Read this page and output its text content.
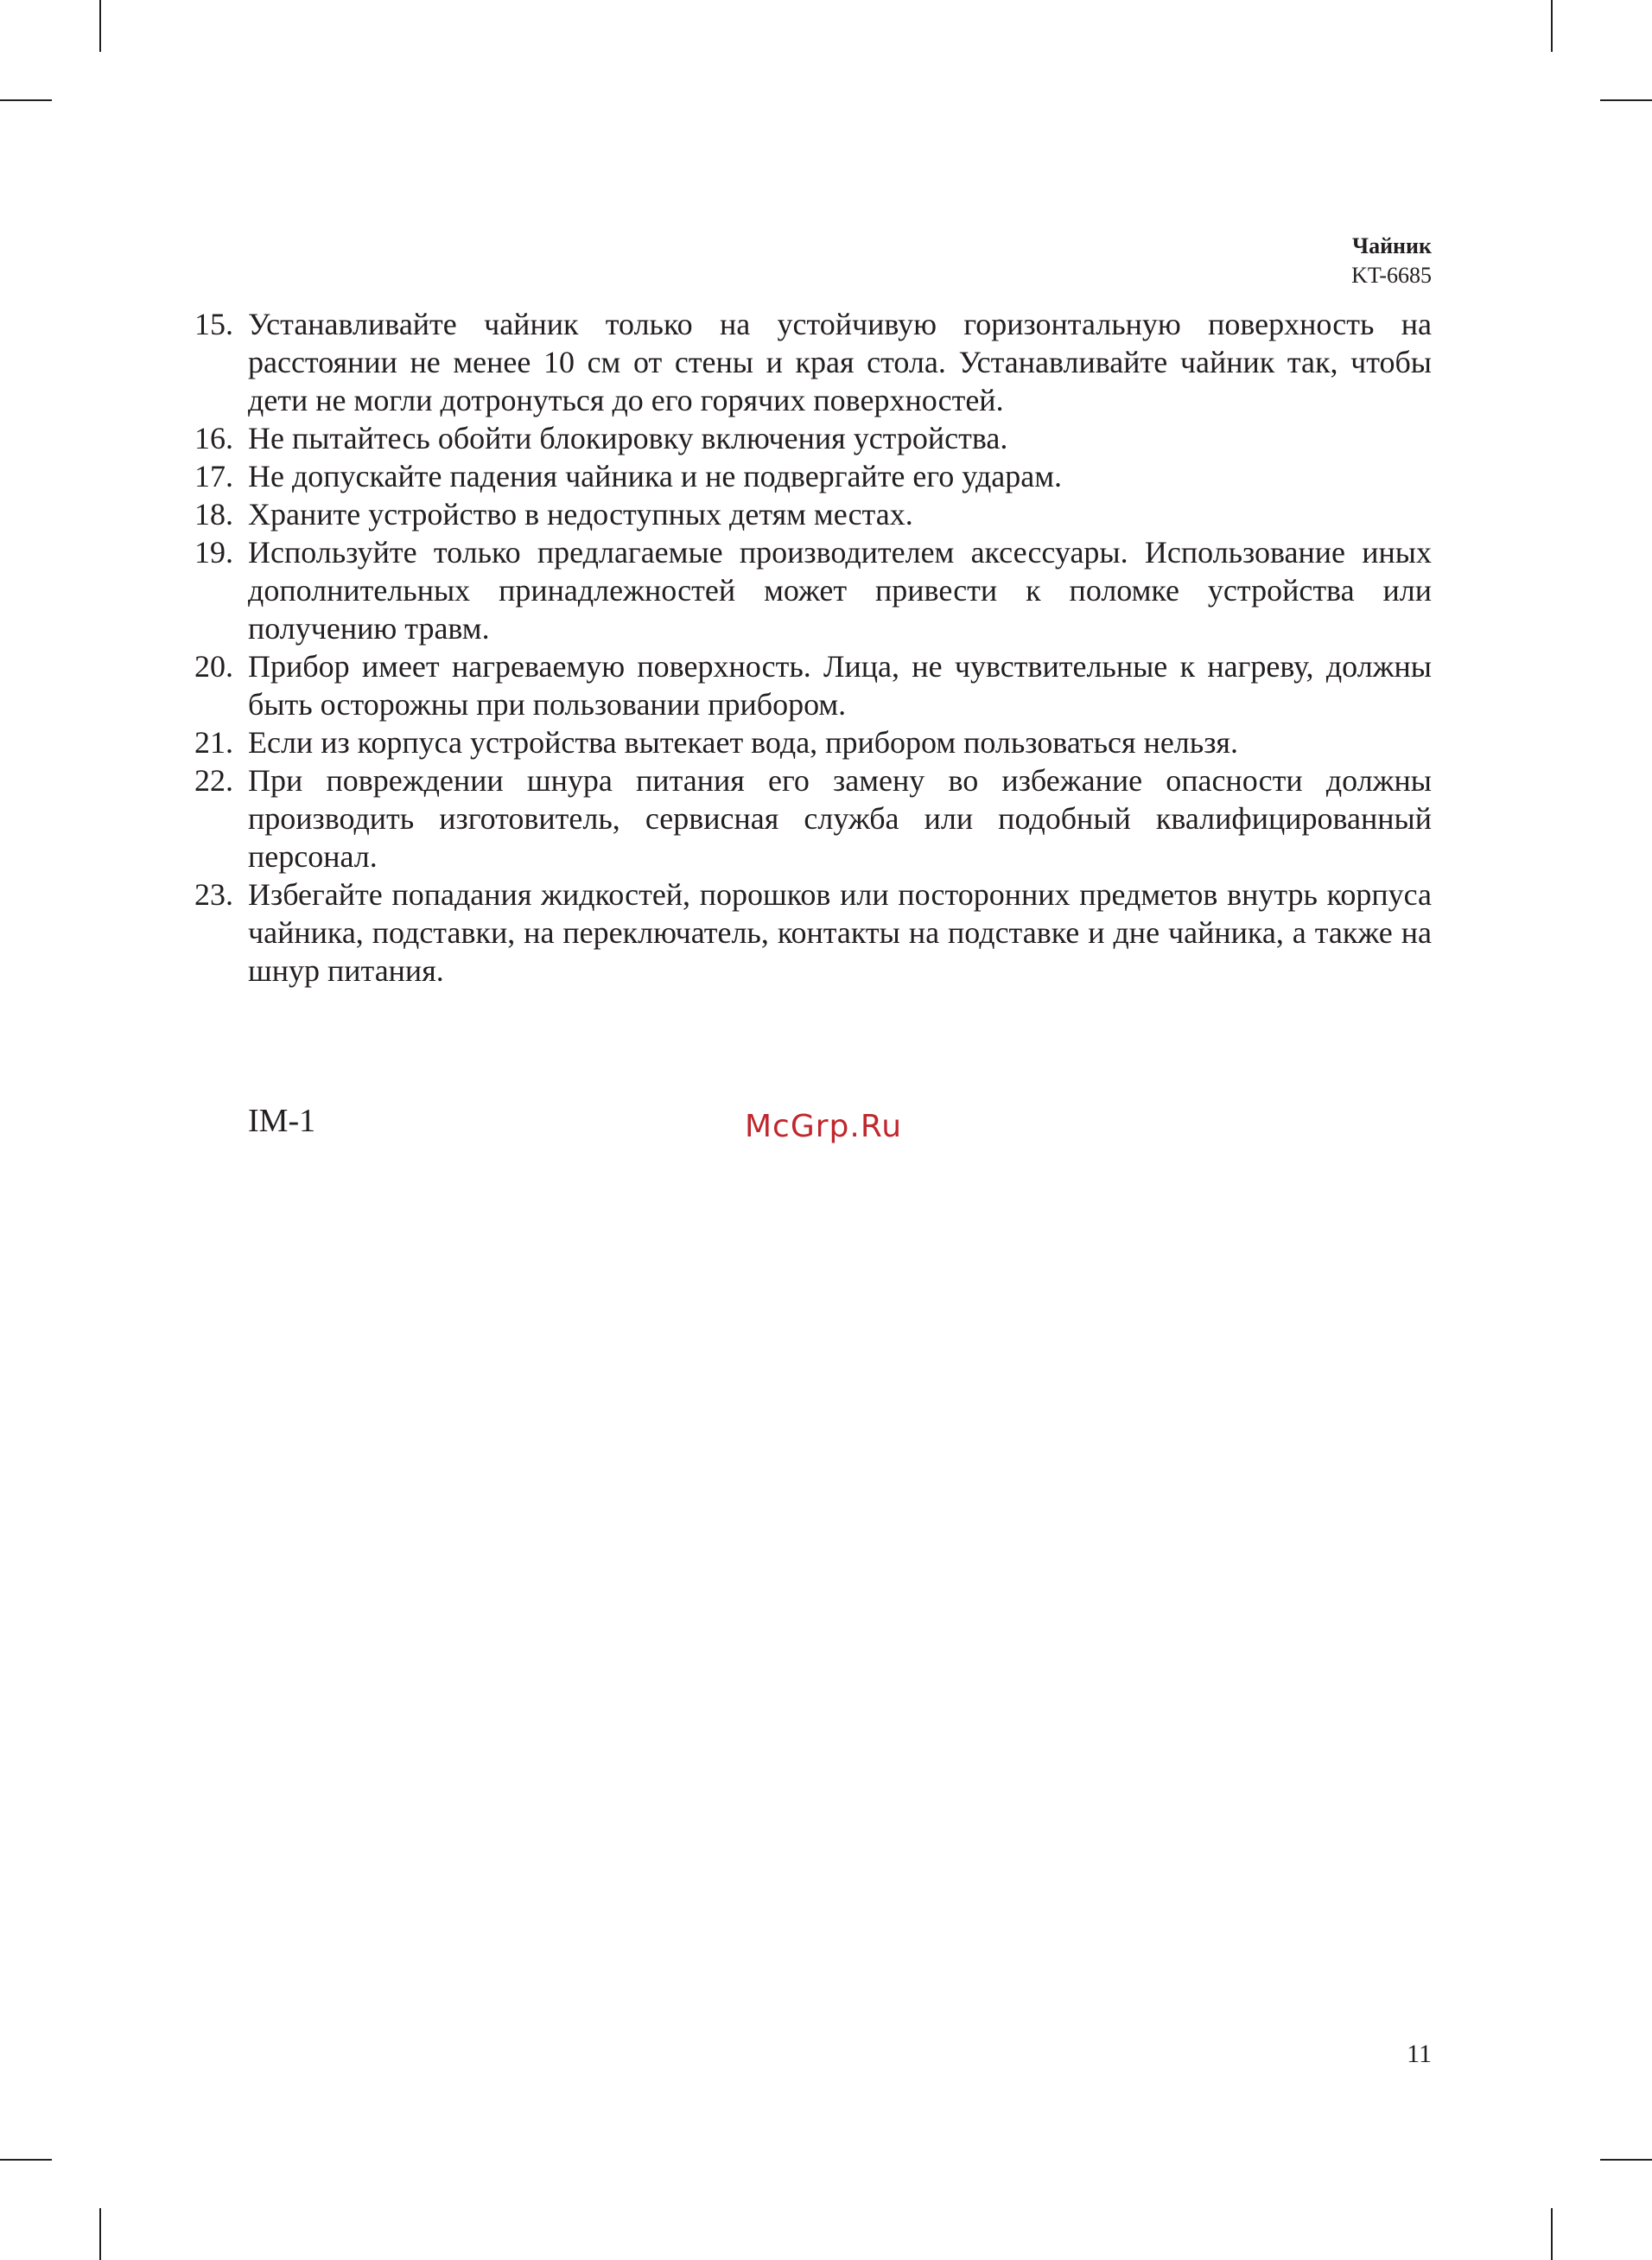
Чайник
KT-6685
15. Устанавливайте чайник только на устойчивую горизонтальную поверхность на расстоянии не менее 10 см от стены и края стола. Устанавливайте чайник так, чтобы дети не могли дотронуться до его горячих поверхностей.
16. Не пытайтесь обойти блокировку включения устройства.
17. Не допускайте падения чайника и не подвергайте его ударам.
18. Храните устройство в недоступных детям местах.
19. Используйте только предлагаемые производителем аксессуары. Использование иных дополнительных принадлежностей может привести к поломке устройства или получению травм.
20. Прибор имеет нагреваемую поверхность. Лица, не чувствительные к нагреву, должны быть осторожны при пользовании прибором.
21. Если из корпуса устройства вытекает вода, прибором пользоваться нельзя.
22. При повреждении шнура питания его замену во избежание опасности должны производить изготовитель, сервисная служба или подобный квалифицированный персонал.
23. Избегайте попадания жидкостей, порошков или посторонних предметов внутрь корпуса чайника, подставки, на переключатель, контакты на подставке и дне чайника, а также на шнур питания.
IM-1	McGrp.Ru
11
